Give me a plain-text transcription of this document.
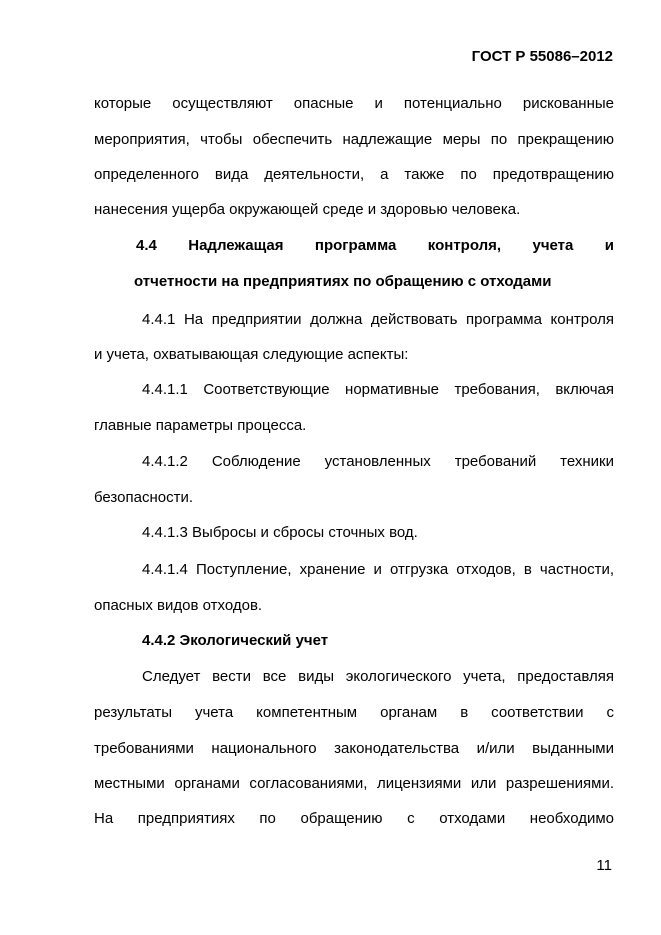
ГОСТ Р 55086–2012
которые осуществляют опасные и потенциально рискованные
мероприятия, чтобы обеспечить надлежащие меры по прекращению
определенного вида деятельности, а также по предотвращению
нанесения ущерба окружающей среде и здоровью человека.
4.4 Надлежащая программа контроля, учета и
отчетности на предприятиях по обращению с отходами
4.4.1 На предприятии должна действовать программа контроля
и учета, охватывающая следующие аспекты:
4.4.1.1 Соответствующие нормативные требования, включая
главные параметры процесса.
4.4.1.2 Соблюдение установленных требований техники
безопасности.
4.4.1.3 Выбросы и сбросы сточных вод.
4.4.1.4 Поступление, хранение и отгрузка отходов, в частности,
опасных видов отходов.
4.4.2 Экологический учет
Следует вести все виды экологического учета, предоставляя
результаты учета компетентным органам в соответствии с
требованиями национального законодательства и/или выданными
местными органами согласованиями, лицензиями или разрешениями.
На предприятиях по обращению с отходами необходимо
11
